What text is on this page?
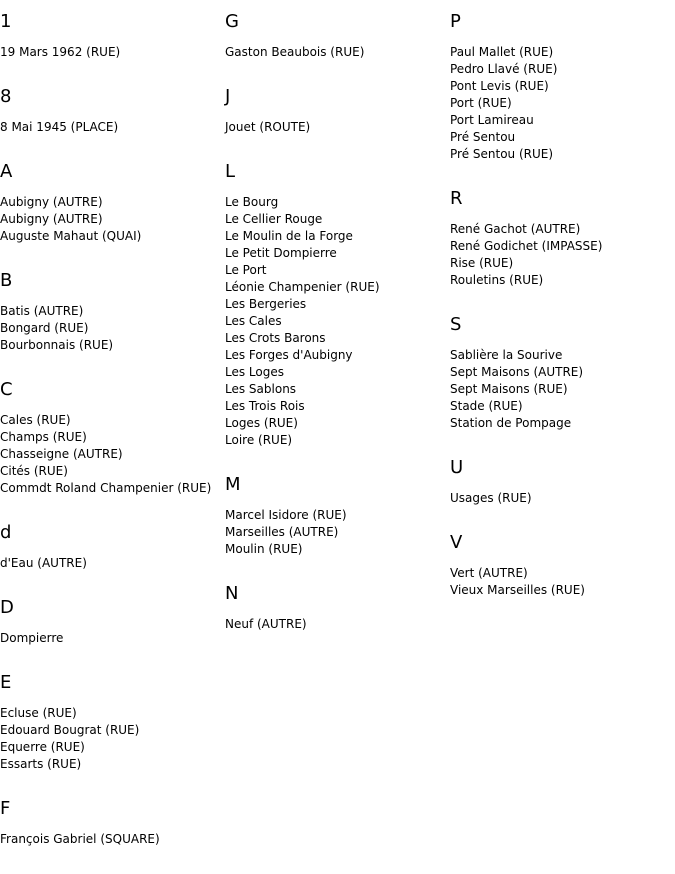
1
19 Mars 1962 (RUE)
8
8 Mai 1945 (PLACE)
A
Aubigny (AUTRE)
Aubigny (AUTRE)
Auguste Mahaut (QUAI)
B
Batis (AUTRE)
Bongard (RUE)
Bourbonnais (RUE)
C
Cales (RUE)
Champs (RUE)
Chasseigne (AUTRE)
Cités (RUE)
Commdt Roland Champenier (RUE)
d
d'Eau (AUTRE)
D
Dompierre
E
Ecluse (RUE)
Edouard Bougrat (RUE)
Equerre (RUE)
Essarts (RUE)
F
François Gabriel (SQUARE)
G
Gaston Beaubois (RUE)
J
Jouet (ROUTE)
L
Le Bourg
Le Cellier Rouge
Le Moulin de la Forge
Le Petit Dompierre
Le Port
Léonie Champenier (RUE)
Les Bergeries
Les Cales
Les Crots Barons
Les Forges d'Aubigny
Les Loges
Les Sablons
Les Trois Rois
Loges (RUE)
Loire (RUE)
M
Marcel Isidore (RUE)
Marseilles (AUTRE)
Moulin (RUE)
N
Neuf (AUTRE)
P
Paul Mallet (RUE)
Pedro Llavé (RUE)
Pont Levis (RUE)
Port (RUE)
Port Lamireau
Pré Sentou
Pré Sentou (RUE)
R
René Gachot (AUTRE)
René Godichet (IMPASSE)
Rise (RUE)
Rouletins (RUE)
S
Sablière la Sourive
Sept Maisons (AUTRE)
Sept Maisons (RUE)
Stade (RUE)
Station de Pompage
U
Usages (RUE)
V
Vert (AUTRE)
Vieux Marseilles (RUE)
